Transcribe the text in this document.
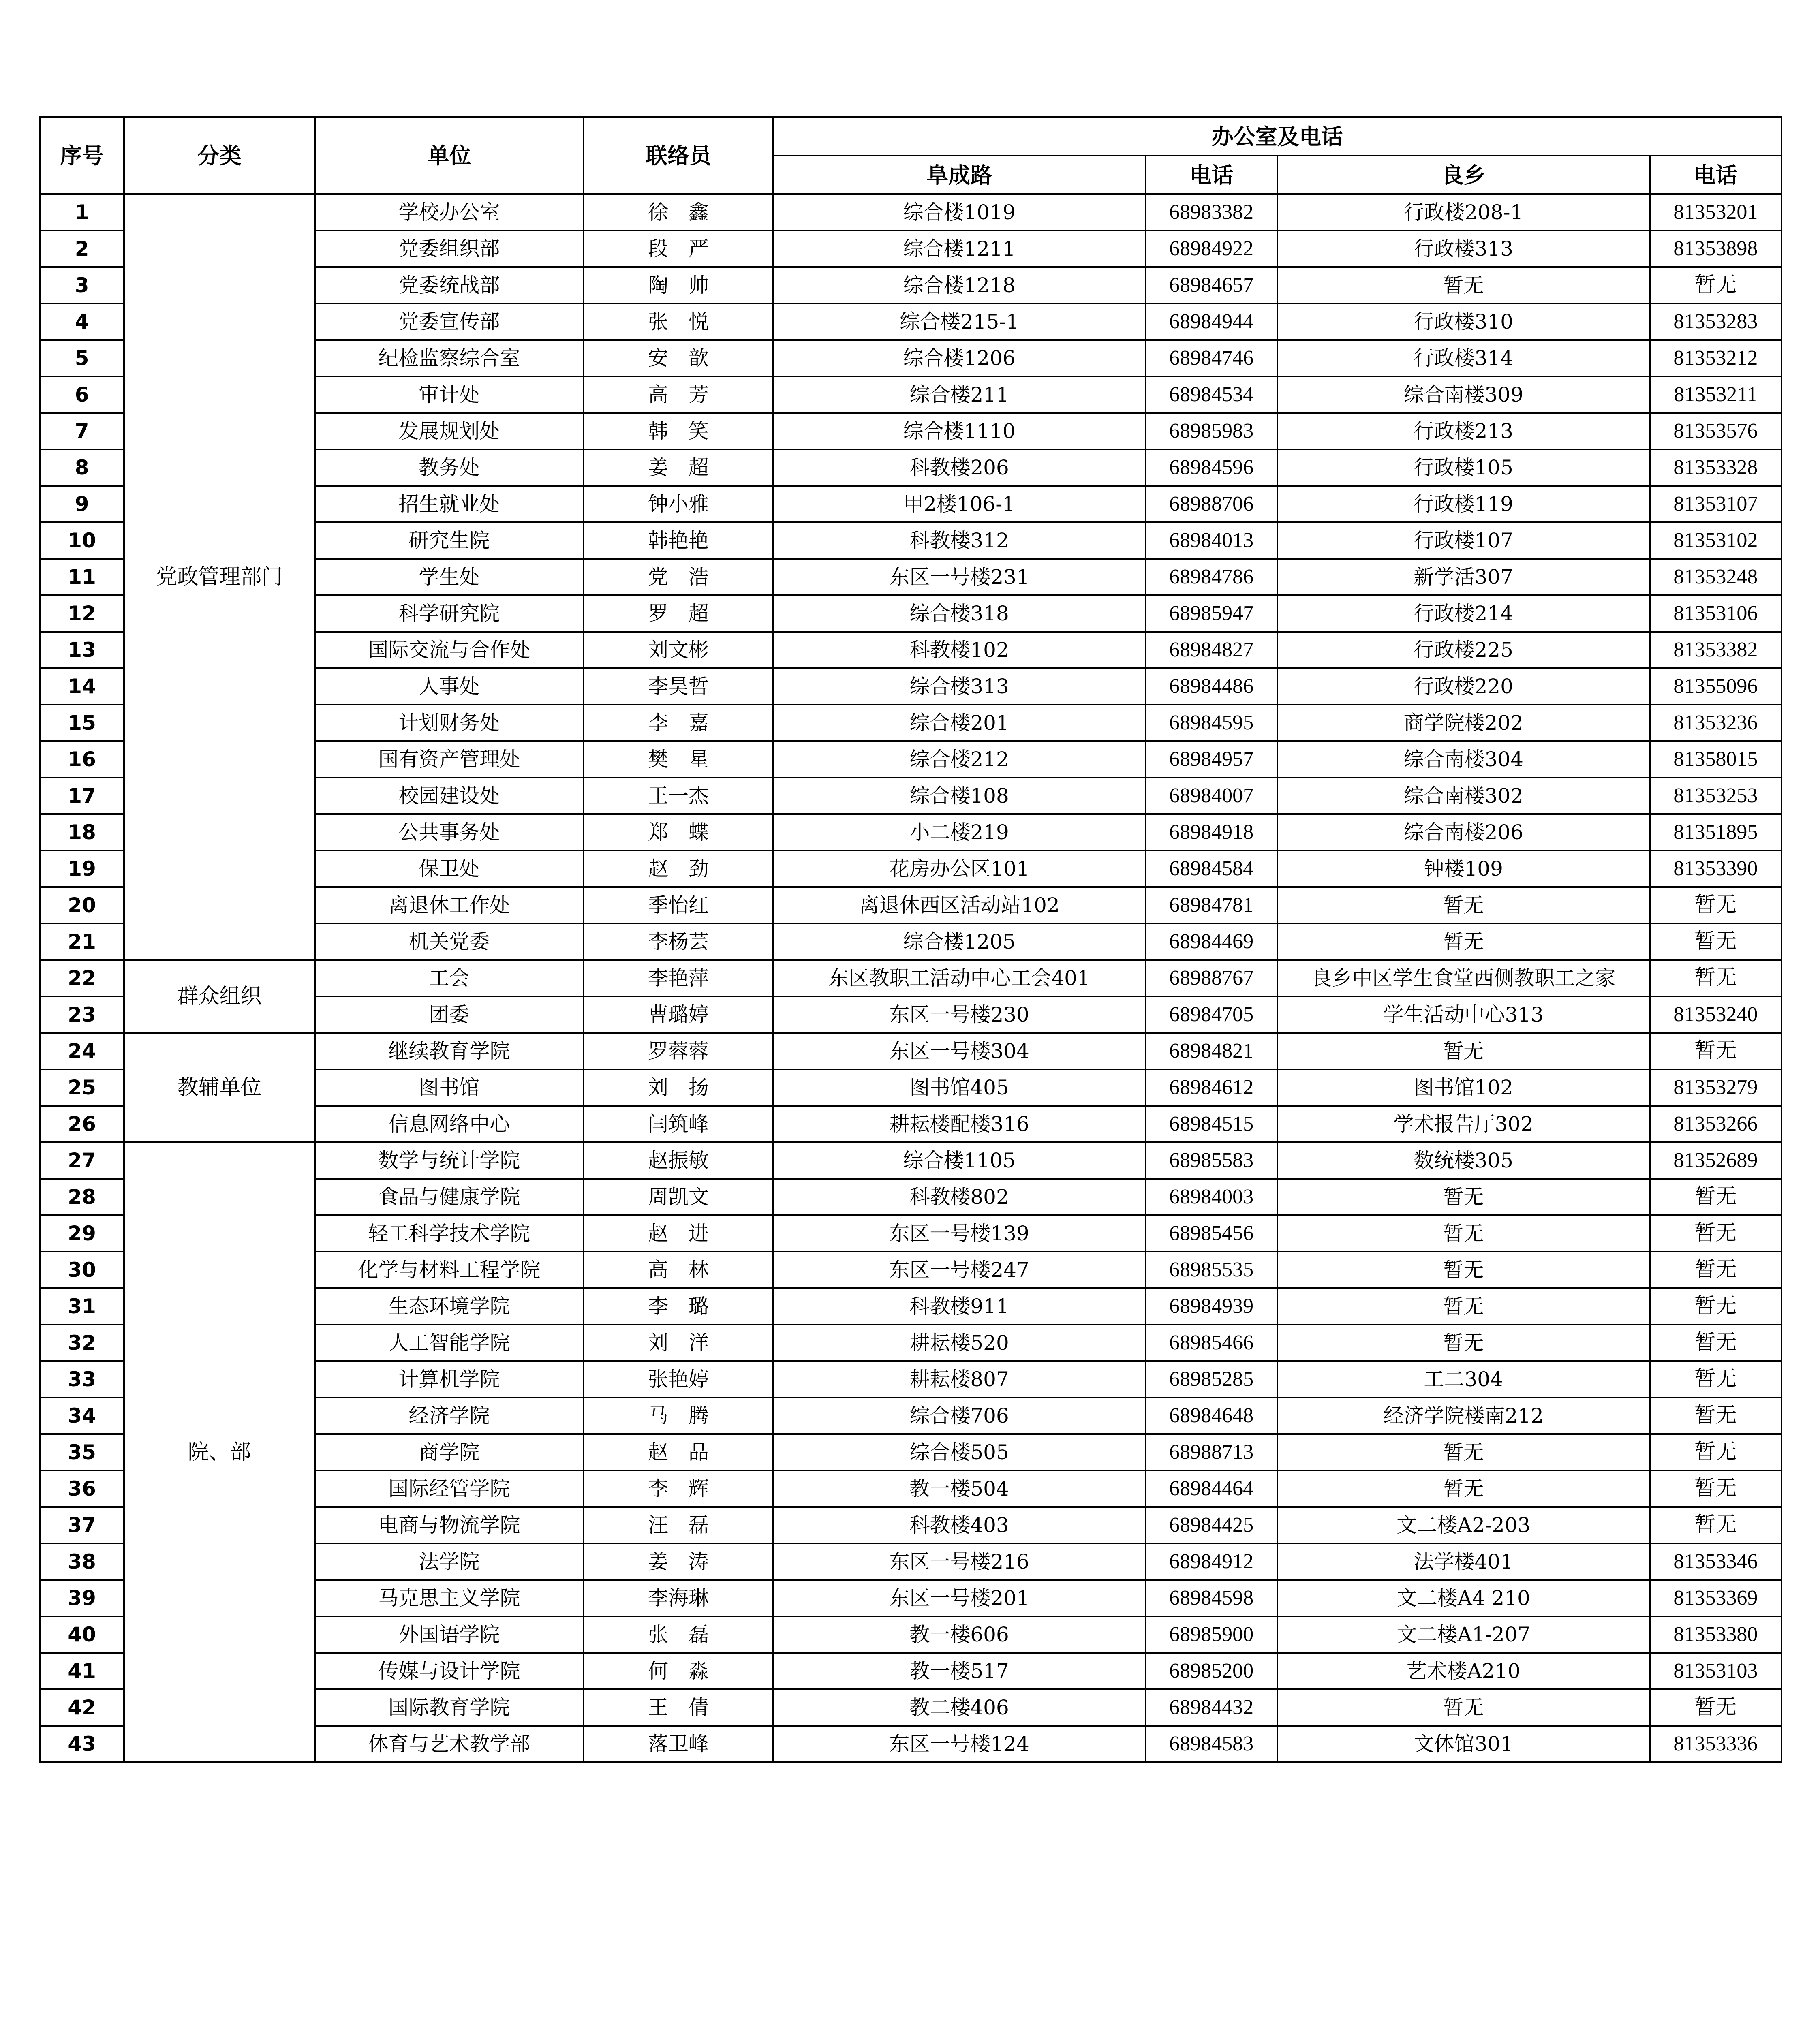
序号	分类	单位	联络员	办公室及电话			
				阜成路	电话	良乡	电话
1	党政管理部门	学校办公室	徐　鑫	综合楼1019	68983382	行政楼208-1	81353201
2		党委组织部	段　严	综合楼1211	68984922	行政楼313	81353898
3		党委统战部	陶　帅	综合楼1218	68984657	暂无	暂无
4		党委宣传部	张　悦	综合楼215-1	68984944	行政楼310	81353283
5		纪检监察综合室	安　歆	综合楼1206	68984746	行政楼314	81353212
6		审计处	高　芳	综合楼211	68984534	综合南楼309	81353211
7		发展规划处	韩　笑	综合楼1110	68985983	行政楼213	81353576
8		教务处	姜　超	科教楼206	68984596	行政楼105	81353328
9		招生就业处	钟小雅	甲2楼106-1	68988706	行政楼119	81353107
10		研究生院	韩艳艳	科教楼312	68984013	行政楼107	81353102
11		学生处	党　浩	东区一号楼231	68984786	新学活307	81353248
12		科学研究院	罗　超	综合楼318	68985947	行政楼214	81353106
13		国际交流与合作处	刘文彬	科教楼102	68984827	行政楼225	81353382
14		人事处	李昊哲	综合楼313	68984486	行政楼220	81355096
15		计划财务处	李　嘉	综合楼201	68984595	商学院楼202	81353236
16		国有资产管理处	樊　星	综合楼212	68984957	综合南楼304	81358015
17		校园建设处	王一杰	综合楼108	68984007	综合南楼302	81353253
18		公共事务处	郑　蝶	小二楼219	68984918	综合南楼206	81351895
19		保卫处	赵　劲	花房办公区101	68984584	钟楼109	81353390
20		离退休工作处	季怡红	离退休西区活动站102	68984781	暂无	暂无
21		机关党委	李杨芸	综合楼1205	68984469	暂无	暂无
22	群众组织	工会	李艳萍	东区教职工活动中心工会401	68988767	良乡中区学生食堂西侧教职工之家	暂无
23		团委	曹璐婷	东区一号楼230	68984705	学生活动中心313	81353240
24	教辅单位	继续教育学院	罗蓉蓉	东区一号楼304	68984821	暂无	暂无
25		图书馆	刘　扬	图书馆405	68984612	图书馆102	81353279
26		信息网络中心	闫筑峰	耕耘楼配楼316	68984515	学术报告厅302	81353266
27	院、部	数学与统计学院	赵振敏	综合楼1105	68985583	数统楼305	81352689
28		食品与健康学院	周凯文	科教楼802	68984003	暂无	暂无
29		轻工科学技术学院	赵　进	东区一号楼139	68985456	暂无	暂无
30		化学与材料工程学院	高　林	东区一号楼247	68985535	暂无	暂无
31		生态环境学院	李　璐	科教楼911	68984939	暂无	暂无
32		人工智能学院	刘　洋	耕耘楼520	68985466	暂无	暂无
33		计算机学院	张艳婷	耕耘楼807	68985285	工二304	暂无
34		经济学院	马　腾	综合楼706	68984648	经济学院楼南212	暂无
35		商学院	赵　品	综合楼505	68988713	暂无	暂无
36		国际经管学院	李　辉	教一楼504	68984464	暂无	暂无
37		电商与物流学院	汪　磊	科教楼403	68984425	文二楼A2-203	暂无
38		法学院	姜　涛	东区一号楼216	68984912	法学楼401	81353346
39		马克思主义学院	李海琳	东区一号楼201	68984598	文二楼A4 210	81353369
40		外国语学院	张　磊	教一楼606	68985900	文二楼A1-207	81353380
41		传媒与设计学院	何　淼	教一楼517	68985200	艺术楼A210	81353103
42		国际教育学院	王　倩	教二楼406	68984432	暂无	暂无
43		体育与艺术教学部	落卫峰	东区一号楼124	68984583	文体馆301	81353336
